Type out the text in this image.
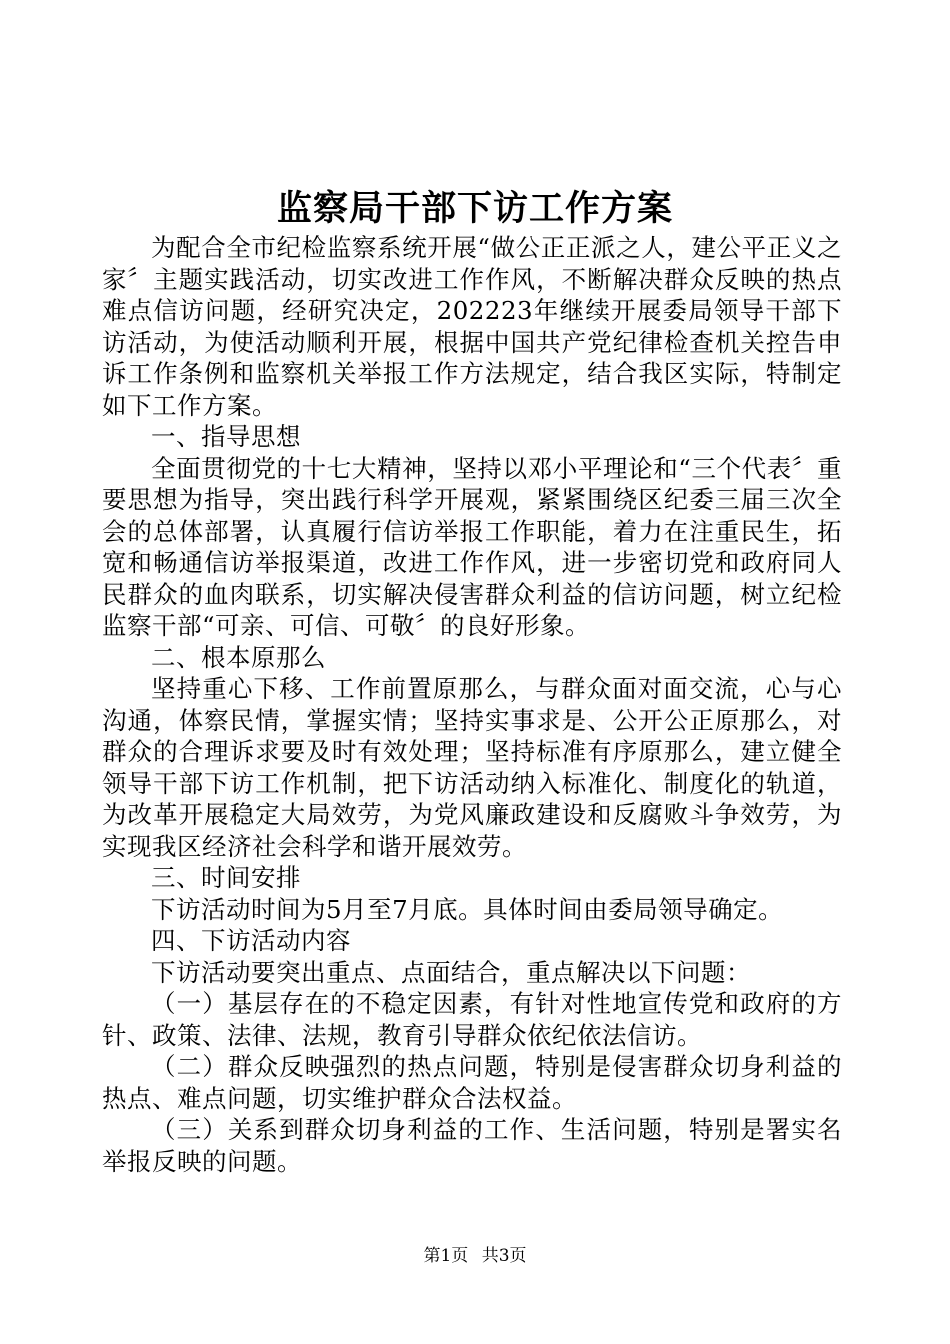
监察局干部下访工作方案

为配合全市纪检监察系统开展“做公正正派之人，建公平正义之家〞主题实践活动，切实改进工作作风，不断解决群众反映的热点难点信访问题，经研究决定，202223年继续开展委局领导干部下访活动，为使活动顺利开展，根据中国共产党纪律检查机关控告申诉工作条例和监察机关举报工作方法规定，结合我区实际，特制定如下工作方案。

一、指导思想

全面贯彻党的十七大精神，坚持以邓小平理论和“三个代表〞重要思想为指导，突出践行科学开展观，紧紧围绕区纪委三届三次全会的总体部署，认真履行信访举报工作职能，着力在注重民生，拓宽和畅通信访举报渠道，改进工作作风，进一步密切党和政府同人民群众的血肉联系，切实解决侵害群众利益的信访问题，树立纪检监察干部“可亲、可信、可敬〞的良好形象。

二、根本原那么

坚持重心下移、工作前置原那么，与群众面对面交流，心与心沟通，体察民情，掌握实情；坚持实事求是、公开公正原那么，对群众的合理诉求要及时有效处理；坚持标准有序原那么，建立健全领导干部下访工作机制，把下访活动纳入标准化、制度化的轨道，为改革开展稳定大局效劳，为党风廉政建设和反腐败斗争效劳，为实现我区经济社会科学和谐开展效劳。

三、时间安排

下访活动时间为5月至7月底。具体时间由委局领导确定。

四、下访活动内容

下访活动要突出重点、点面结合，重点解决以下问题：

（一）基层存在的不稳定因素，有针对性地宣传党和政府的方针、政策、法律、法规，教育引导群众依纪依法信访。

（二）群众反映强烈的热点问题，特别是侵害群众切身利益的热点、难点问题，切实维护群众合法权益。

（三）关系到群众切身利益的工作、生活问题，特别是署实名举报反映的问题。

第1页 共3页
